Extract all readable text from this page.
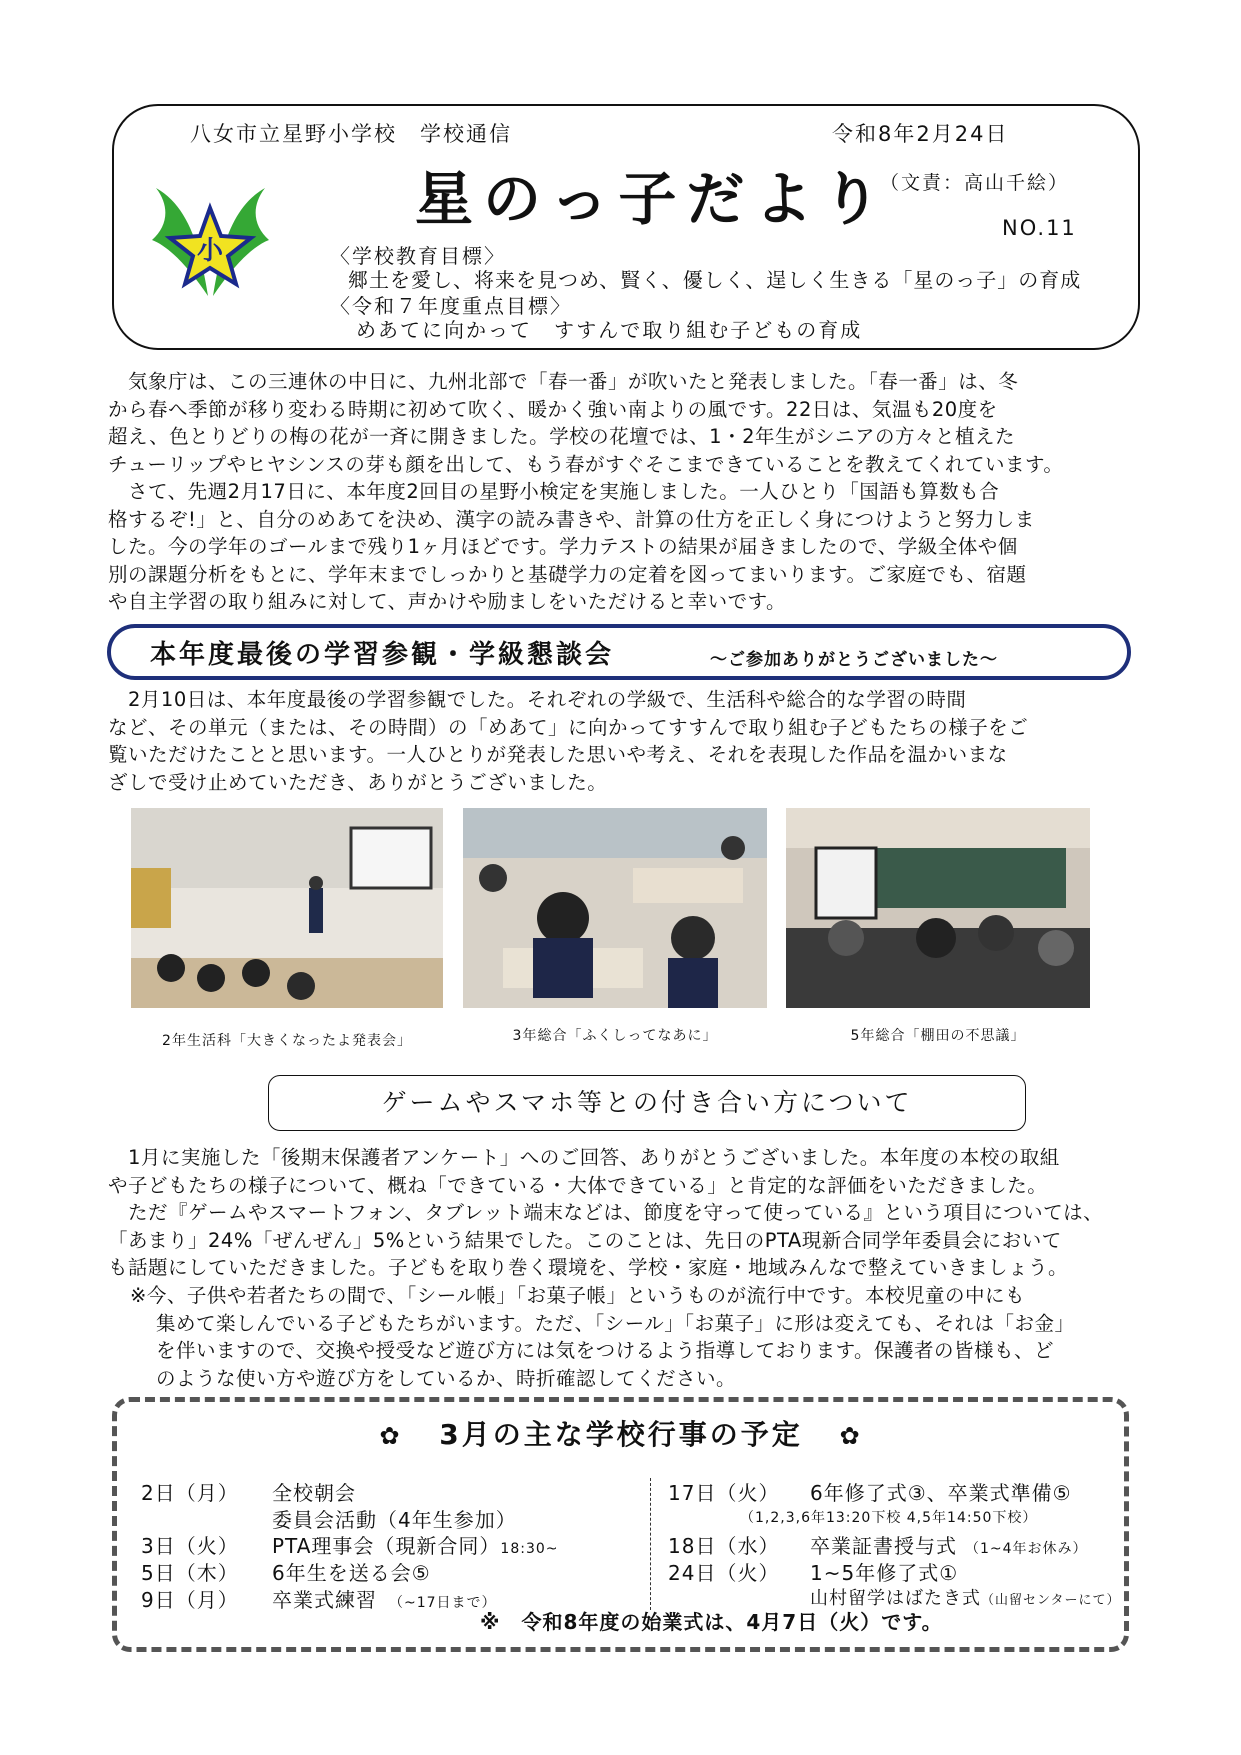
八女市立星野小学校　学校通信	令和8年2月24日
星のっ子だより
（文責：高山千絵）
NO.11
小	〈学校教育目標〉
郷土を愛し、将来を見つめ、賢く、優しく、逞しく生きる「星のっ子」の育成
〈令和７年度重点目標〉
めあてに向かって　すすんで取り組む子どもの育成
　気象庁は、この三連休の中日に、九州北部で「春一番」が吹いたと発表しました。「春一番」は、冬
から春へ季節が移り変わる時期に初めて吹く、暖かく強い南よりの風です。22日は、気温も20度を
超え、色とりどりの梅の花が一斉に開きました。学校の花壇では、1・2年生がシニアの方々と植えた
チューリップやヒヤシンスの芽も顔を出して、もう春がすぐそこまできていることを教えてくれています。
　さて、先週2月17日に、本年度2回目の星野小検定を実施しました。一人ひとり「国語も算数も合
格するぞ!」と、自分のめあてを決め、漢字の読み書きや、計算の仕方を正しく身につけようと努力しま
した。今の学年のゴールまで残り1ヶ月ほどです。学力テストの結果が届きましたので、学級全体や個
別の課題分析をもとに、学年末までしっかりと基礎学力の定着を図ってまいります。ご家庭でも、宿題
や自主学習の取り組みに対して、声かけや励ましをいただけると幸いです。
本年度最後の学習参観・学級懇談会	～ご参加ありがとうございました～
　2月10日は、本年度最後の学習参観でした。それぞれの学級で、生活科や総合的な学習の時間
など、その単元（または、その時間）の「めあて」に向かってすすんで取り組む子どもたちの様子をご
覧いただけたことと思います。一人ひとりが発表した思いや考え、それを表現した作品を温かいまな
ざしで受け止めていただき、ありがとうございました。
2年生活科「大きくなったよ発表会」	3年総合「ふくしってなあに」	5年総合「棚田の不思議」
ゲームやスマホ等との付き合い方について
　1月に実施した「後期末保護者アンケート」へのご回答、ありがとうございました。本年度の本校の取組
や子どもたちの様子について、概ね「できている・大体できている」と肯定的な評価をいただきました。
　ただ『ゲームやスマートフォン、タブレット端末などは、節度を守って使っている』という項目については、
「あまり」24%「ぜんぜん」5%という結果でした。このことは、先日のPTA現新合同学年委員会において
も話題にしていただきました。子どもを取り巻く環境を、学校・家庭・地域みんなで整えていきましょう。
※今、子供や若者たちの間で、「シール帳」「お菓子帳」というものが流行中です。本校児童の中にも
集めて楽しんでいる子どもたちがいます。ただ、「シール」「お菓子」に形は変えても、それは「お金」
を伴いますので、交換や授受など遊び方には気をつけるよう指導しております。保護者の皆様も、ど
のような使い方や遊び方をしているか、時折確認してください。
✿ 3月の主な学校行事の予定 ✿
2日（月） 全校朝会
委員会活動（4年生参加）
3日（火） PTA理事会（現新合同）18:30~
5日（木） 6年生を送る会⑤
9日（月） 卒業式練習 （~17日まで）
17日（火） 6年修了式③、卒業式準備⑤
（1,2,3,6年13:20下校 4,5年14:50下校）
18日（水） 卒業証書授与式 （1~4年お休み）
24日（火） 1~5年修了式①
山村留学はばたき式（山留センターにて）
※　令和8年度の始業式は、4月7日（火）です。
